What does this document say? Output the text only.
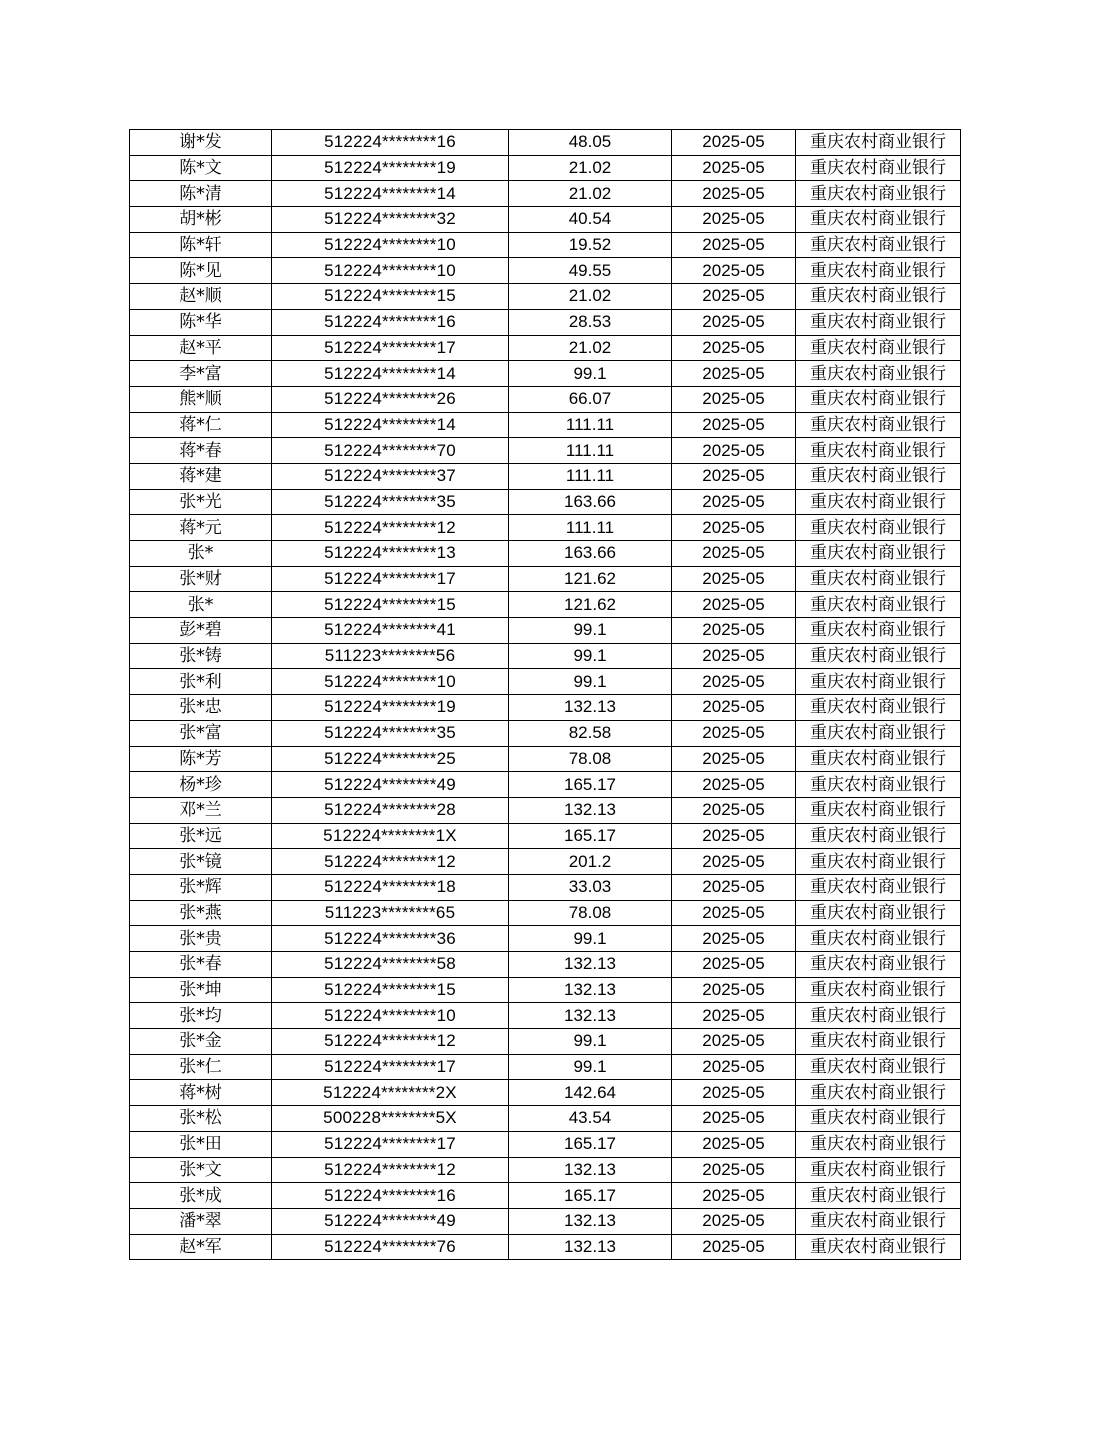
谢*发	512224********16	48.05	2025-05	重庆农村商业银行
陈*文	512224********19	21.02	2025-05	重庆农村商业银行
陈*清	512224********14	21.02	2025-05	重庆农村商业银行
胡*彬	512224********32	40.54	2025-05	重庆农村商业银行
陈*轩	512224********10	19.52	2025-05	重庆农村商业银行
陈*见	512224********10	49.55	2025-05	重庆农村商业银行
赵*顺	512224********15	21.02	2025-05	重庆农村商业银行
陈*华	512224********16	28.53	2025-05	重庆农村商业银行
赵*平	512224********17	21.02	2025-05	重庆农村商业银行
李*富	512224********14	99.1	2025-05	重庆农村商业银行
熊*顺	512224********26	66.07	2025-05	重庆农村商业银行
蒋*仁	512224********14	111.11	2025-05	重庆农村商业银行
蒋*春	512224********70	111.11	2025-05	重庆农村商业银行
蒋*建	512224********37	111.11	2025-05	重庆农村商业银行
张*光	512224********35	163.66	2025-05	重庆农村商业银行
蒋*元	512224********12	111.11	2025-05	重庆农村商业银行
张*	512224********13	163.66	2025-05	重庆农村商业银行
张*财	512224********17	121.62	2025-05	重庆农村商业银行
张*	512224********15	121.62	2025-05	重庆农村商业银行
彭*碧	512224********41	99.1	2025-05	重庆农村商业银行
张*铸	511223********56	99.1	2025-05	重庆农村商业银行
张*利	512224********10	99.1	2025-05	重庆农村商业银行
张*忠	512224********19	132.13	2025-05	重庆农村商业银行
张*富	512224********35	82.58	2025-05	重庆农村商业银行
陈*芳	512224********25	78.08	2025-05	重庆农村商业银行
杨*珍	512224********49	165.17	2025-05	重庆农村商业银行
邓*兰	512224********28	132.13	2025-05	重庆农村商业银行
张*远	512224********1X	165.17	2025-05	重庆农村商业银行
张*镜	512224********12	201.2	2025-05	重庆农村商业银行
张*辉	512224********18	33.03	2025-05	重庆农村商业银行
张*燕	511223********65	78.08	2025-05	重庆农村商业银行
张*贵	512224********36	99.1	2025-05	重庆农村商业银行
张*春	512224********58	132.13	2025-05	重庆农村商业银行
张*坤	512224********15	132.13	2025-05	重庆农村商业银行
张*均	512224********10	132.13	2025-05	重庆农村商业银行
张*金	512224********12	99.1	2025-05	重庆农村商业银行
张*仁	512224********17	99.1	2025-05	重庆农村商业银行
蒋*树	512224********2X	142.64	2025-05	重庆农村商业银行
张*松	500228********5X	43.54	2025-05	重庆农村商业银行
张*田	512224********17	165.17	2025-05	重庆农村商业银行
张*文	512224********12	132.13	2025-05	重庆农村商业银行
张*成	512224********16	165.17	2025-05	重庆农村商业银行
潘*翠	512224********49	132.13	2025-05	重庆农村商业银行
赵*军	512224********76	132.13	2025-05	重庆农村商业银行
